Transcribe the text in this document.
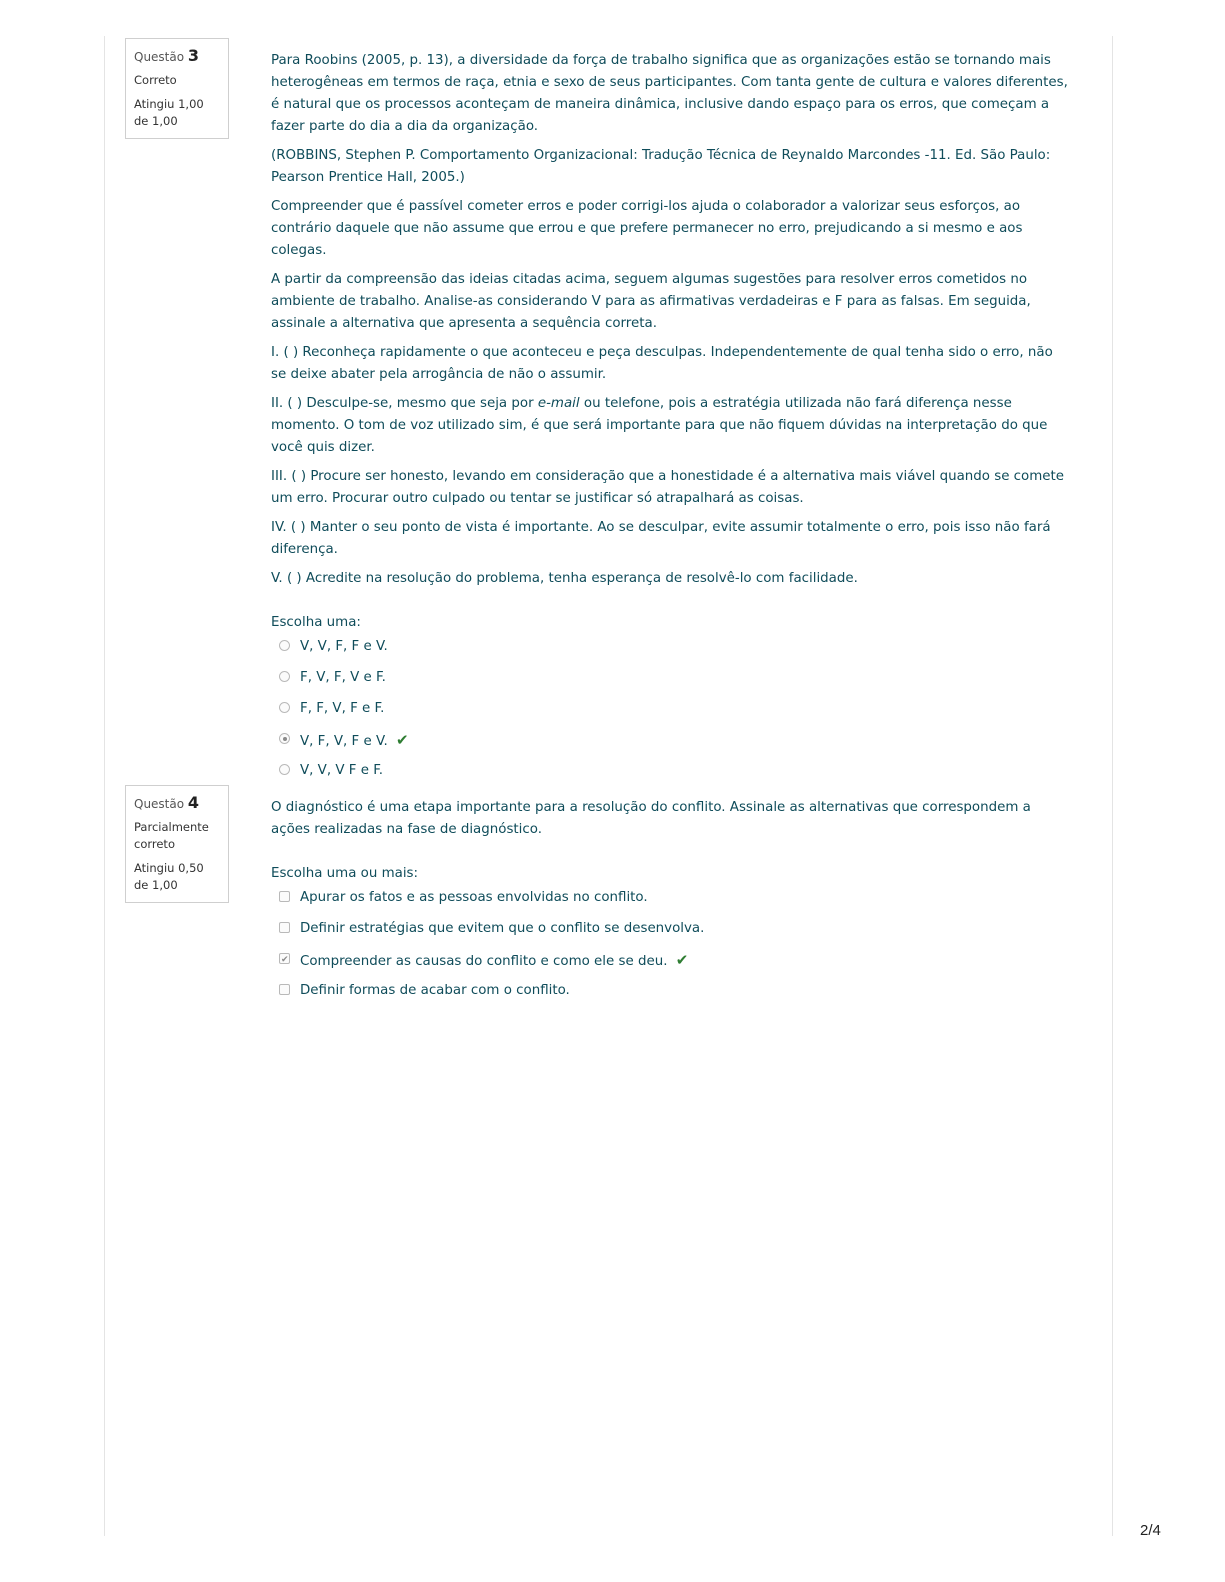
Questão 3
Correto
Atingiu 1,00 de 1,00

Para Roobins (2005, p. 13), a diversidade da força de trabalho significa que as organizações estão se tornando mais heterogêneas em termos de raça, etnia e sexo de seus participantes. Com tanta gente de cultura e valores diferentes, é natural que os processos aconteçam de maneira dinâmica, inclusive dando espaço para os erros, que começam a fazer parte do dia a dia da organização.

(ROBBINS, Stephen P. Comportamento Organizacional: Tradução Técnica de Reynaldo Marcondes -11. Ed. São Paulo: Pearson Prentice Hall, 2005.)

Compreender que é passível cometer erros e poder corrigi-los ajuda o colaborador a valorizar seus esforços, ao contrário daquele que não assume que errou e que prefere permanecer no erro, prejudicando a si mesmo e aos colegas.

A partir da compreensão das ideias citadas acima, seguem algumas sugestões para resolver erros cometidos no ambiente de trabalho. Analise-as considerando V para as afirmativas verdadeiras e F para as falsas. Em seguida, assinale a alternativa que apresenta a sequência correta.

I. ( ) Reconheça rapidamente o que aconteceu e peça desculpas. Independentemente de qual tenha sido o erro, não se deixe abater pela arrogância de não o assumir.

II. ( ) Desculpe-se, mesmo que seja por e-mail ou telefone, pois a estratégia utilizada não fará diferença nesse momento. O tom de voz utilizado sim, é que será importante para que não fiquem dúvidas na interpretação do que você quis dizer.

III. ( ) Procure ser honesto, levando em consideração que a honestidade é a alternativa mais viável quando se comete um erro. Procurar outro culpado ou tentar se justificar só atrapalhará as coisas.

IV. ( ) Manter o seu ponto de vista é importante. Ao se desculpar, evite assumir totalmente o erro, pois isso não fará diferença.

V. ( ) Acredite na resolução do problema, tenha esperança de resolvê-lo com facilidade.

Escolha uma:
V, V, F, F e V.
F, V, F, V e F.
F, F, V, F e F.
V, F, V, F e V. ✔
V, V, V F e F.
Questão 4
Parcialmente correto
Atingiu 0,50 de 1,00

O diagnóstico é uma etapa importante para a resolução do conflito. Assinale as alternativas que correspondem a ações realizadas na fase de diagnóstico.

Escolha uma ou mais:
Apurar os fatos e as pessoas envolvidas no conflito.
Definir estratégias que evitem que o conflito se desenvolva.
✔
Compreender as causas do conflito e como ele se deu. ✔
Definir formas de acabar com o conflito.
2/4
